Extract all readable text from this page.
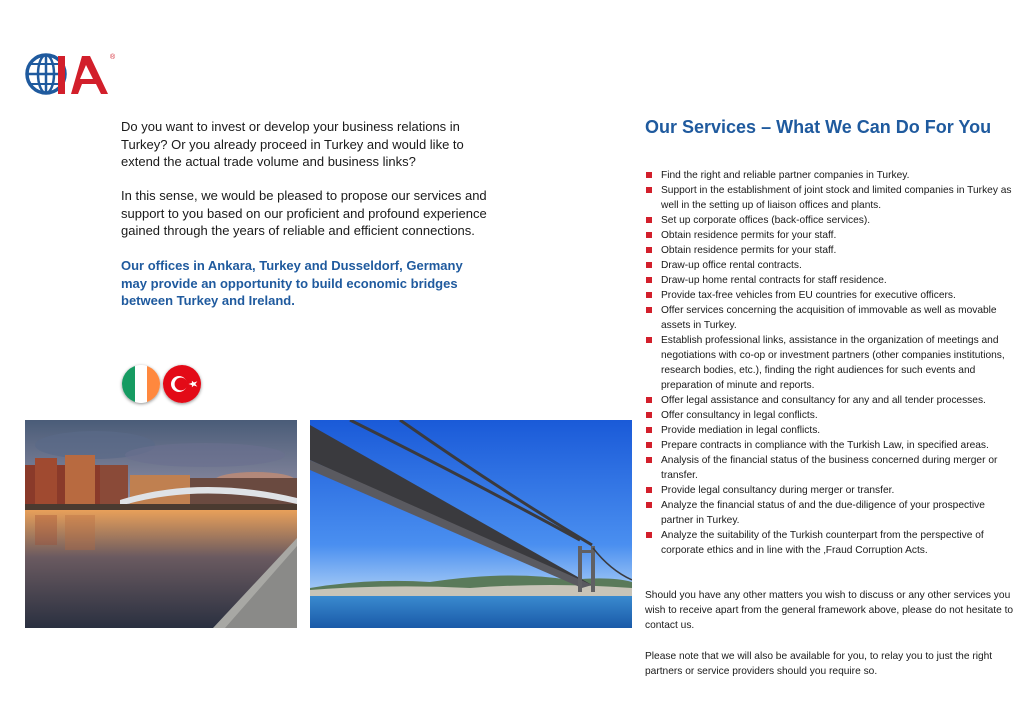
®
Do you want to invest or develop your business relations in Turkey? Or you already proceed in Turkey and would like to extend the actual trade volume and business links?
In this sense, we would be pleased to propose our services and support to you based on our proficient and profound experience gained through the years of reliable and efficient connections.
Our offices in Ankara, Turkey and Dusseldorf, Germany may provide an opportunity to build economic bridges between Turkey and Ireland.
Our Services – What We Can Do For You
Find the right and reliable partner companies in Turkey.
Support in the establishment of joint stock and limited companies in Turkey as well in the setting up of liaison offices and plants.
Set up corporate offices (back-office services).
Obtain residence permits for your staff.
Obtain residence permits for your staff.
Draw-up office rental contracts.
Draw-up home rental contracts for staff residence.
Provide tax-free vehicles from EU countries for executive officers.
Offer services concerning the acquisition of immovable as well as movable assets in Turkey.
Establish professional links, assistance in the organization of meetings and negotiations with co-op or investment partners (other companies institutions, research bodies, etc.), finding the right audiences for such events and preparation of minute and reports.
Offer legal assistance and consultancy for any and all tender processes.
Offer consultancy in legal conflicts.
Provide mediation in legal conflicts.
Prepare contracts in compliance with the Turkish Law, in specified areas.
Analysis of the financial status of the business concerned during merger or transfer.
Provide legal consultancy during merger or transfer.
Analyze the financial status of and the due-diligence of your prospective partner in Turkey.
Analyze the suitability of the Turkish counterpart from the perspective of corporate ethics and in line with the ‚Fraud Corruption Acts.
Should you have any other matters you wish to discuss or any other services you wish to receive apart from the general framework above, please do not hesitate to contact us.
Please note that we will also be available for you, to relay you to just the right partners or service providers should you require so.
